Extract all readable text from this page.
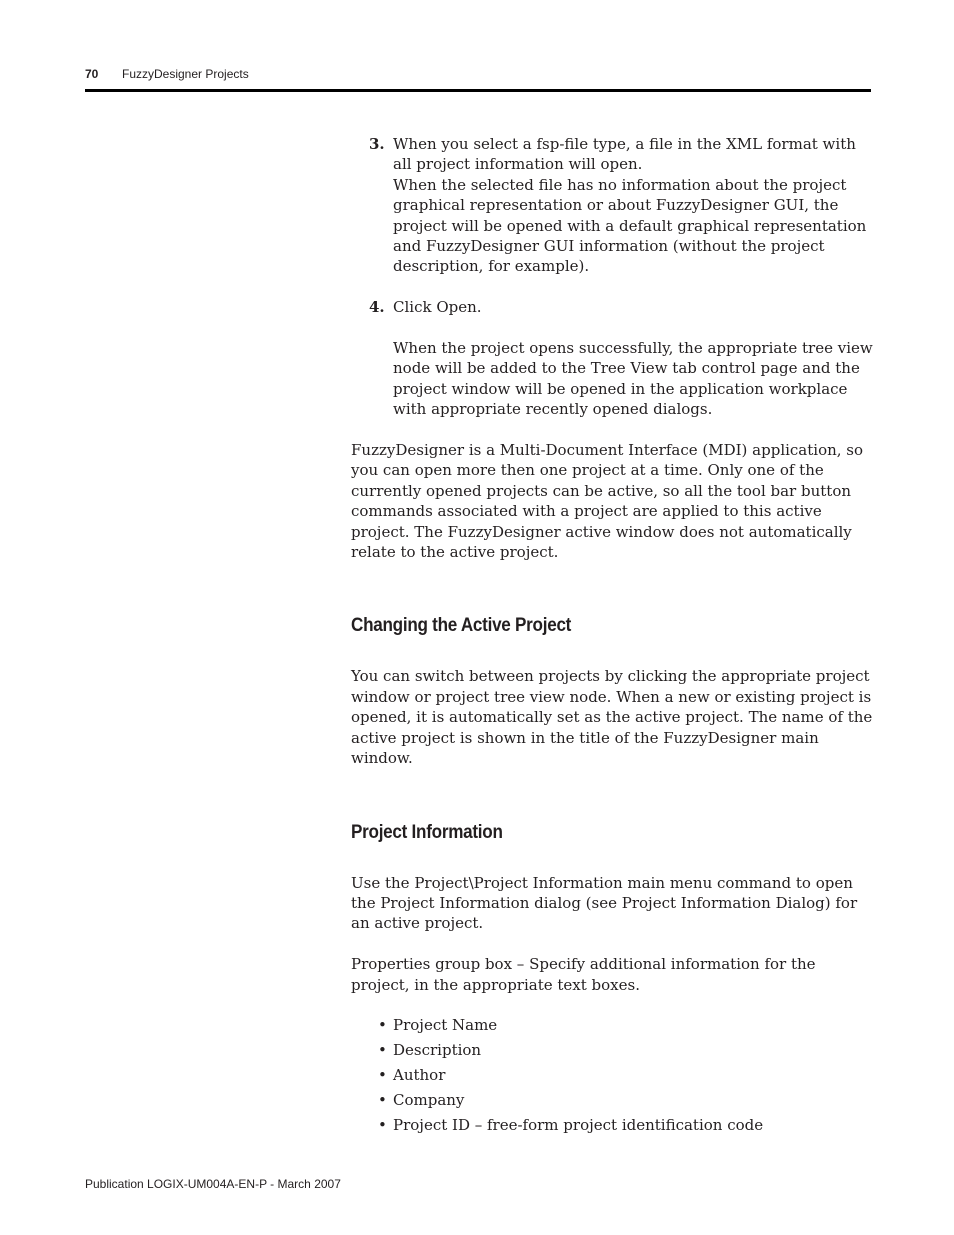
70 FuzzyDesigner Projects
3. When you select a fsp-file type, a file in the XML format with all project information will open.

When the selected file has no information about the project graphical representation or about FuzzyDesigner GUI, the project will be opened with a default graphical representation and FuzzyDesigner GUI information (without the project description, for example).

4. Click Open.

When the project opens successfully, the appropriate tree view node will be added to the Tree View tab control page and the project window will be opened in the application workplace with appropriate recently opened dialogs.

FuzzyDesigner is a Multi-Document Interface (MDI) application, so you can open more then one project at a time. Only one of the currently opened projects can be active, so all the tool bar button commands associated with a project are applied to this active project. The FuzzyDesigner active window does not automatically relate to the active project.

Changing the Active Project

You can switch between projects by clicking the appropriate project window or project tree view node. When a new or existing project is opened, it is automatically set as the active project. The name of the active project is shown in the title of the FuzzyDesigner main window.

Project Information

Use the Project\Project Information main menu command to open the Project Information dialog (see Project Information Dialog) for an active project.

Properties group box – Specify additional information for the project, in the appropriate text boxes.

• Project Name
• Description
• Author
• Company
• Project ID – free-form project identification code
Publication LOGIX-UM004A-EN-P - March 2007
